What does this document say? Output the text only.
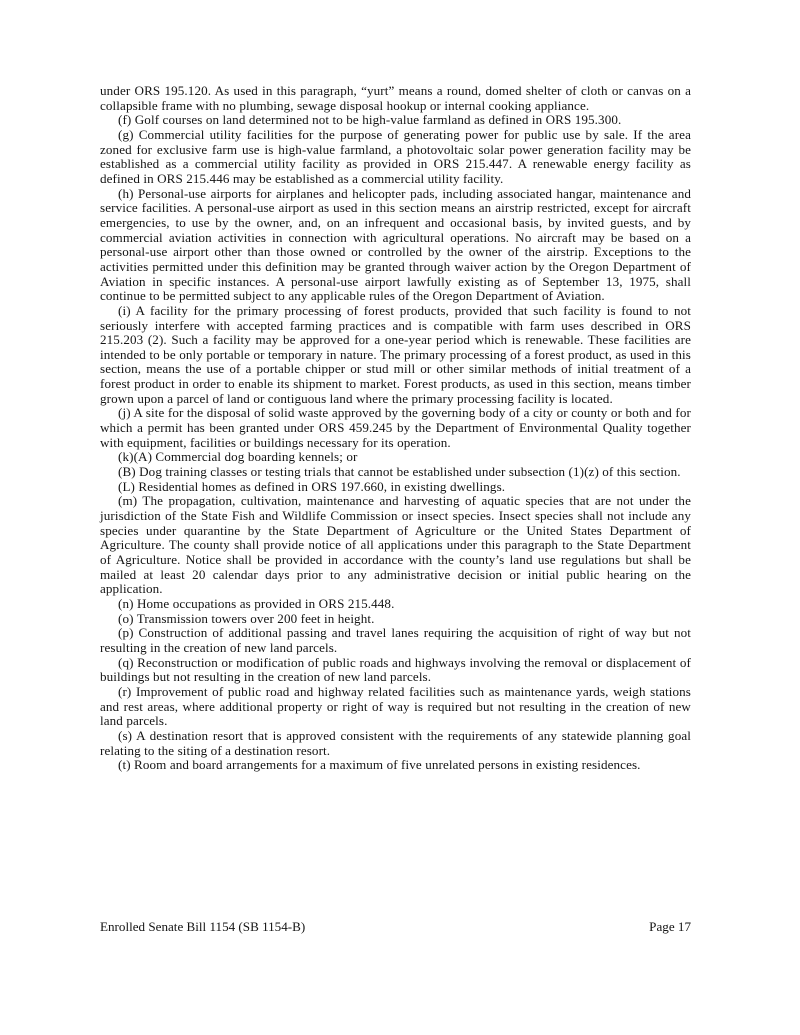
under ORS 195.120. As used in this paragraph, “yurt” means a round, domed shelter of cloth or canvas on a collapsible frame with no plumbing, sewage disposal hookup or internal cooking appliance.

(f) Golf courses on land determined not to be high-value farmland as defined in ORS 195.300.

(g) Commercial utility facilities for the purpose of generating power for public use by sale. If the area zoned for exclusive farm use is high-value farmland, a photovoltaic solar power generation facility may be established as a commercial utility facility as provided in ORS 215.447. A renewable energy facility as defined in ORS 215.446 may be established as a commercial utility facility.

(h) Personal-use airports for airplanes and helicopter pads, including associated hangar, maintenance and service facilities. A personal-use airport as used in this section means an airstrip restricted, except for aircraft emergencies, to use by the owner, and, on an infrequent and occasional basis, by invited guests, and by commercial aviation activities in connection with agricultural operations. No aircraft may be based on a personal-use airport other than those owned or controlled by the owner of the airstrip. Exceptions to the activities permitted under this definition may be granted through waiver action by the Oregon Department of Aviation in specific instances. A personal-use airport lawfully existing as of September 13, 1975, shall continue to be permitted subject to any applicable rules of the Oregon Department of Aviation.

(i) A facility for the primary processing of forest products, provided that such facility is found to not seriously interfere with accepted farming practices and is compatible with farm uses described in ORS 215.203 (2). Such a facility may be approved for a one-year period which is renewable. These facilities are intended to be only portable or temporary in nature. The primary processing of a forest product, as used in this section, means the use of a portable chipper or stud mill or other similar methods of initial treatment of a forest product in order to enable its shipment to market. Forest products, as used in this section, means timber grown upon a parcel of land or contiguous land where the primary processing facility is located.

(j) A site for the disposal of solid waste approved by the governing body of a city or county or both and for which a permit has been granted under ORS 459.245 by the Department of Environmental Quality together with equipment, facilities or buildings necessary for its operation.

(k)(A) Commercial dog boarding kennels; or

(B) Dog training classes or testing trials that cannot be established under subsection (1)(z) of this section.

(L) Residential homes as defined in ORS 197.660, in existing dwellings.

(m) The propagation, cultivation, maintenance and harvesting of aquatic species that are not under the jurisdiction of the State Fish and Wildlife Commission or insect species. Insect species shall not include any species under quarantine by the State Department of Agriculture or the United States Department of Agriculture. The county shall provide notice of all applications under this paragraph to the State Department of Agriculture. Notice shall be provided in accordance with the county’s land use regulations but shall be mailed at least 20 calendar days prior to any administrative decision or initial public hearing on the application.

(n) Home occupations as provided in ORS 215.448.

(o) Transmission towers over 200 feet in height.

(p) Construction of additional passing and travel lanes requiring the acquisition of right of way but not resulting in the creation of new land parcels.

(q) Reconstruction or modification of public roads and highways involving the removal or displacement of buildings but not resulting in the creation of new land parcels.

(r) Improvement of public road and highway related facilities such as maintenance yards, weigh stations and rest areas, where additional property or right of way is required but not resulting in the creation of new land parcels.

(s) A destination resort that is approved consistent with the requirements of any statewide planning goal relating to the siting of a destination resort.

(t) Room and board arrangements for a maximum of five unrelated persons in existing residences.

Enrolled Senate Bill 1154 (SB 1154-B)	Page 17
